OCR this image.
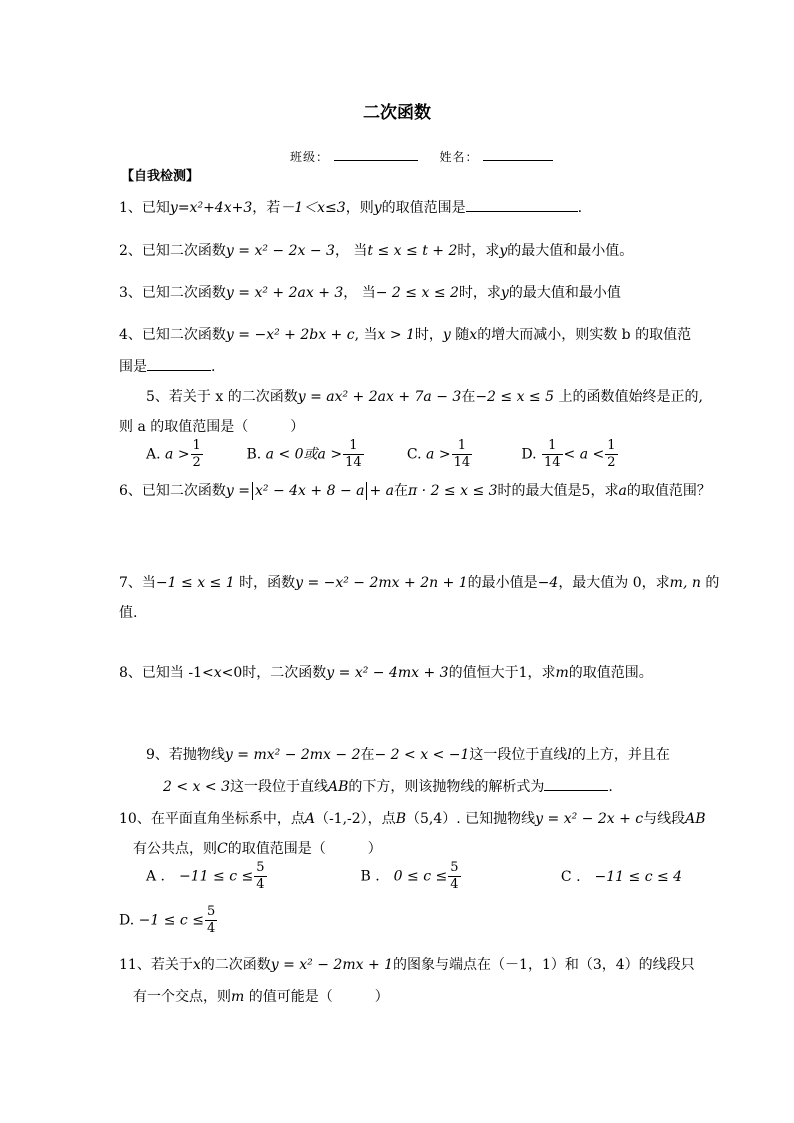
二次函数
班级：	姓名：
【自我检测】
1、已知y=x²+4x+3，若－1＜x≤3，则y的取值范围是	.
2、已知二次函数y = x² − 2x − 3， 当t ≤ x ≤ t + 2时，求y的最大值和最小值。
3、已知二次函数y = x² + 2ax + 3， 当− 2 ≤ x ≤ 2时，求y的最大值和最小值
4、已知二次函数y = −x² + 2bx + c, 当x > 1时，y 随x的增大而减小，则实数 b 的取值范
围是	.
5、若关于 x 的二次函数y = ax² + 2ax + 7a − 3在−2 ≤ x ≤ 5 上的函数值始终是正的,
则 a 的取值范围是（　　　）
A. $a > \frac{1}{2}$	B. a < 0或$a > \frac{1}{14}$	C. $a > \frac{1}{14}$	D. $\frac{1}{14} < a < \frac{1}{2}$
6、已知二次函数y = x² − 4x + 8 − a + a在π · 2 ≤ x ≤ 3时的最大值是5，求a的取值范围？
7、当−1 ≤ x ≤ 1 时，函数y = −x² − 2mx + 2n + 1的最小值是−4，最大值为 0，求m, n 的
值.
8、已知当 -1<x<0时，二次函数y = x² − 4mx + 3的值恒大于1，求m的取值范围。
9、若抛物线y = mx² − 2mx − 2在− 2 < x < −1这一段位于直线l的上方，并且在
2 < x < 3这一段位于直线AB的下方，则该抛物线的解析式为	.
10、在平面直角坐标系中，点A（-1,-2），点B（5,4）. 已知抛物线y = x² − 2x + c与线段AB
有公共点，则C的取值范围是（　　　）
A .　 $-11 \le c \le \frac{5}{4}$	B .　 $0 \le c \le \frac{5}{4}$	C .　 −11 ≤ c ≤ 4
D. $-1 \le c \le \frac{5}{4}$
11、若关于x的二次函数y = x² − 2mx + 1的图象与端点在（－1，1）和（3，4）的线段只
有一个交点，则m 的值可能是（　　　）
